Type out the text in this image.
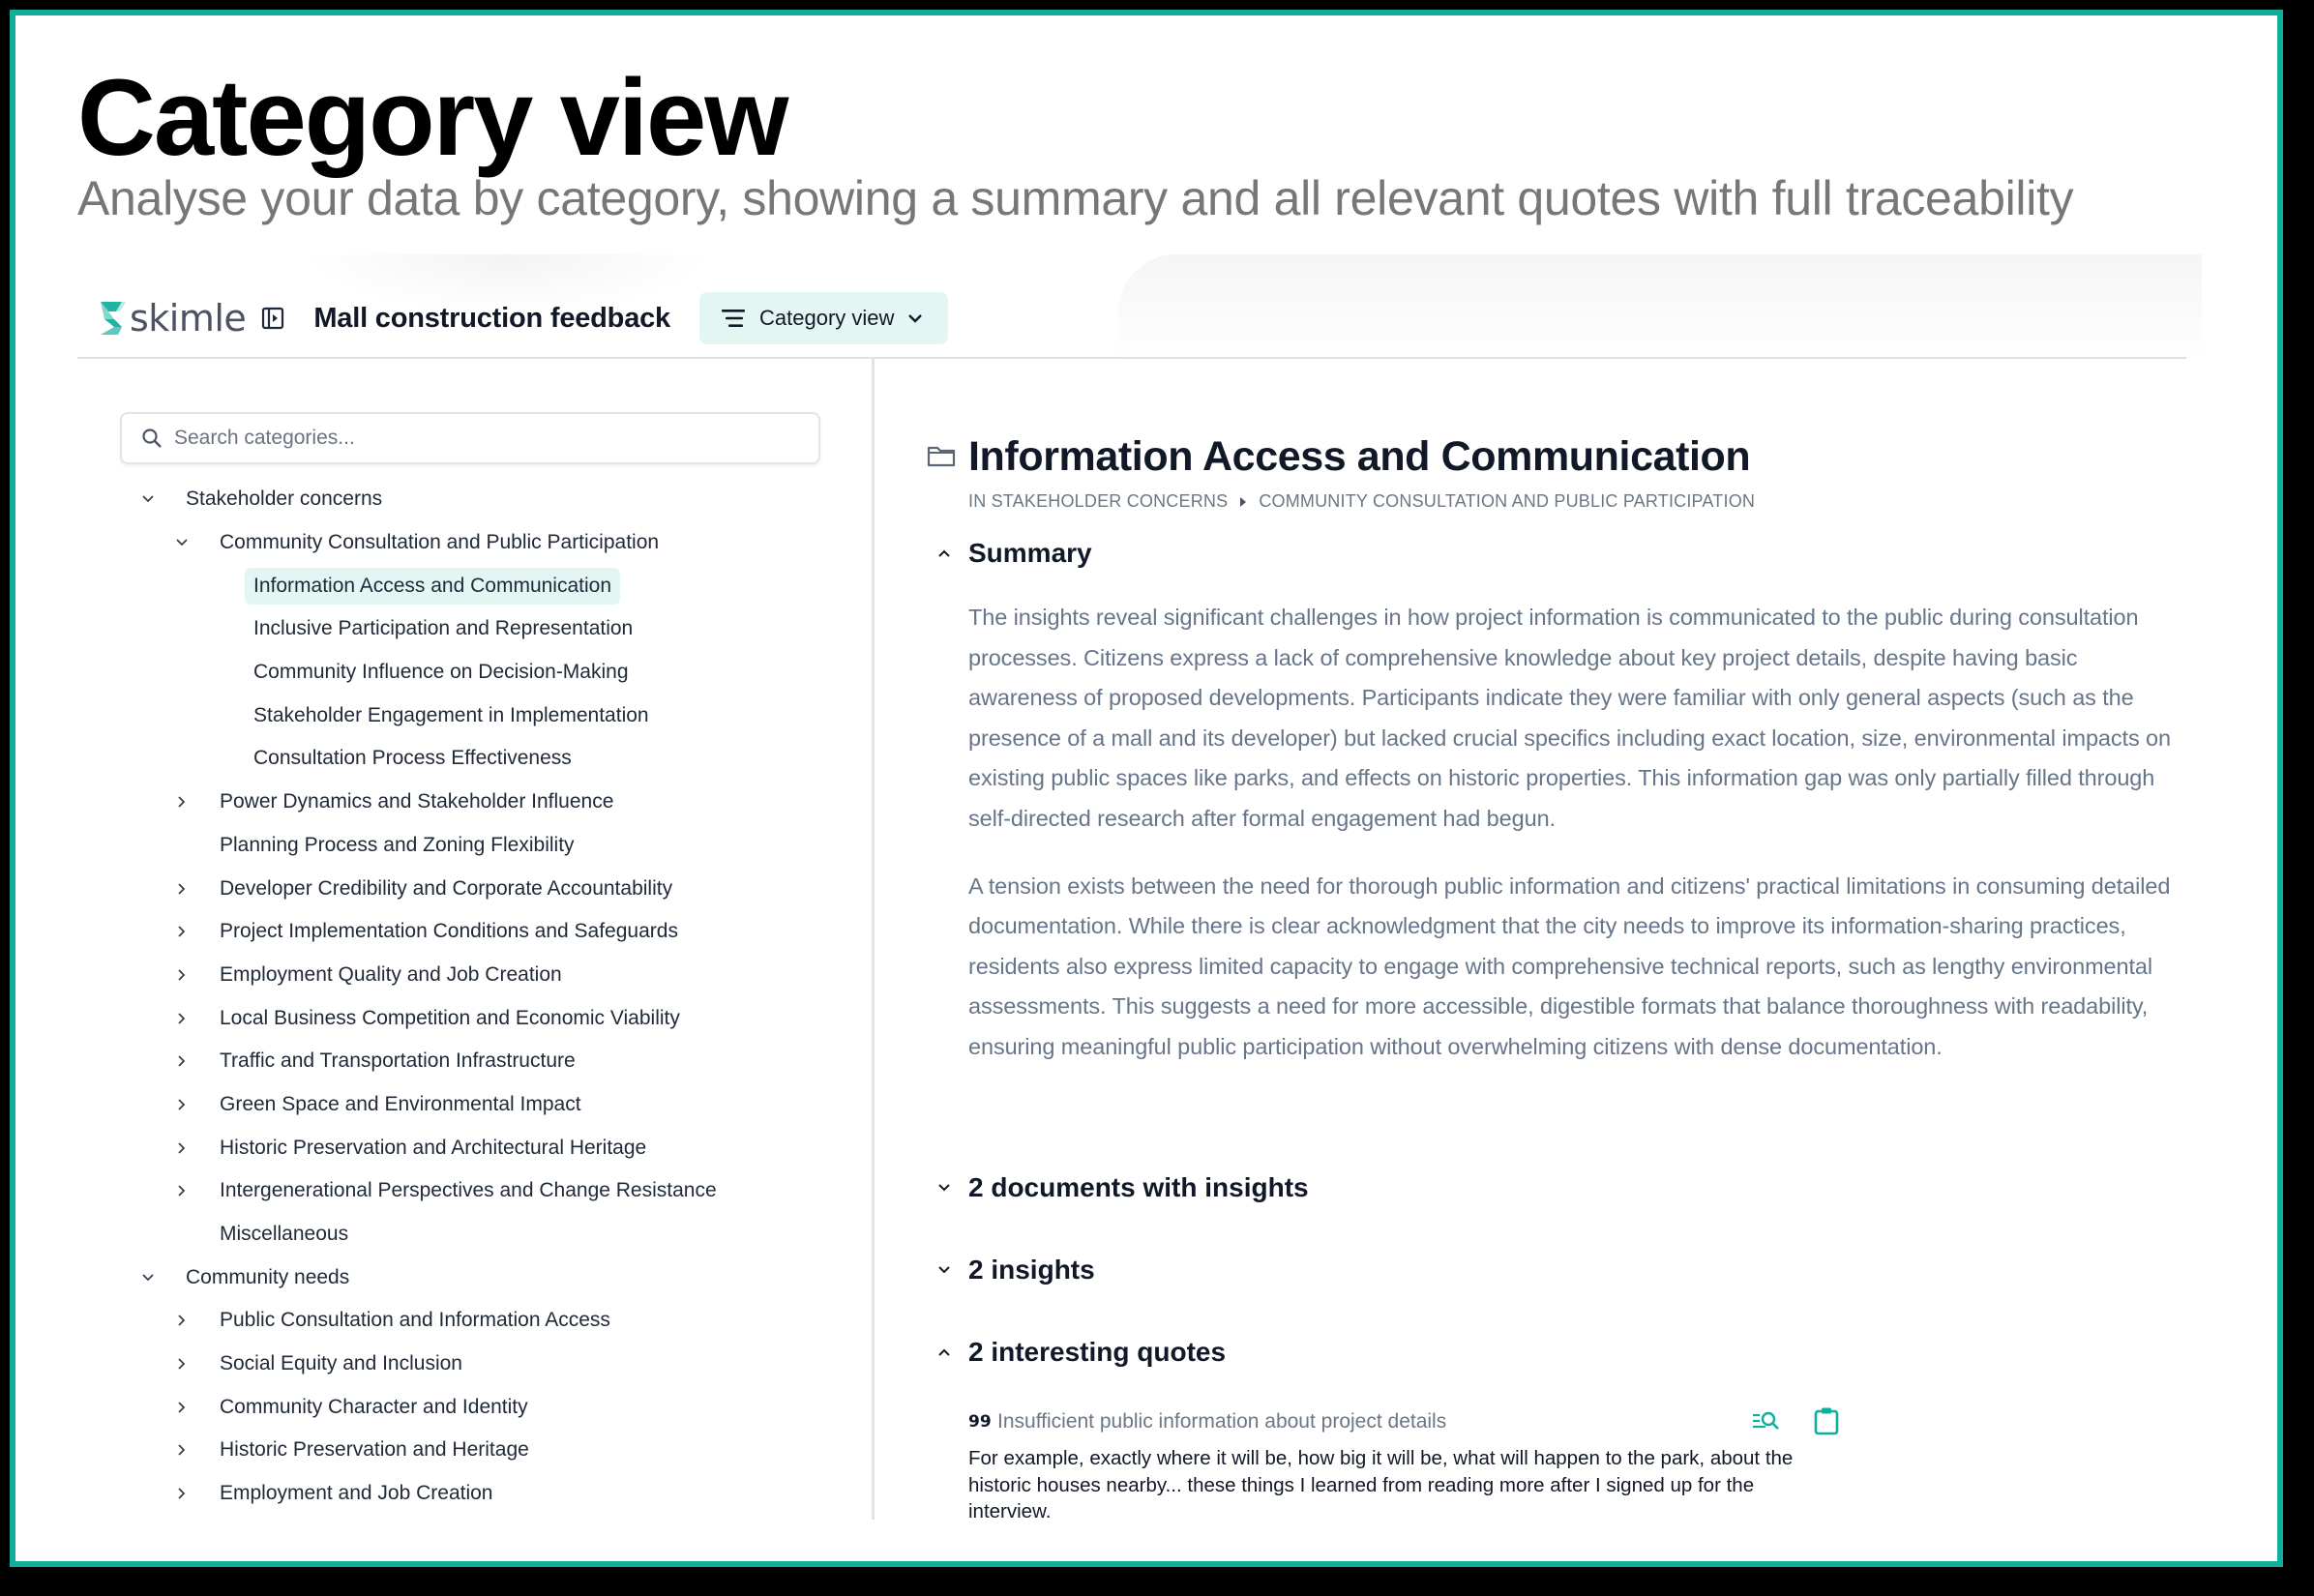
Category view
Analyse your data by category, showing a summary and all relevant quotes with full traceability
skimle Mall construction feedback	Category view
Search categories...
Stakeholder concerns
Community Consultation and Public Participation
Information Access and Communication
Inclusive Participation and Representation
Community Influence on Decision-Making
Stakeholder Engagement in Implementation
Consultation Process Effectiveness
Power Dynamics and Stakeholder Influence
Planning Process and Zoning Flexibility
Developer Credibility and Corporate Accountability
Project Implementation Conditions and Safeguards
Employment Quality and Job Creation
Local Business Competition and Economic Viability
Traffic and Transportation Infrastructure
Green Space and Environmental Impact
Historic Preservation and Architectural Heritage
Intergenerational Perspectives and Change Resistance
Miscellaneous
Community needs
Public Consultation and Information Access
Social Equity and Inclusion
Community Character and Identity
Historic Preservation and Heritage
Employment and Job Creation
Information Access and Communication
IN STAKEHOLDER CONCERNS COMMUNITY CONSULTATION AND PUBLIC PARTICIPATION
Summary

The insights reveal significant challenges in how project information is communicated to the public during consultation processes. Citizens express a lack of comprehensive knowledge about key project details, despite having basic awareness of proposed developments. Participants indicate they were familiar with only general aspects (such as the presence of a mall and its developer) but lacked crucial specifics including exact location, size, environmental impacts on existing public spaces like parks, and effects on historic properties. This information gap was only partially filled through self-directed research after formal engagement had begun.

A tension exists between the need for thorough public information and citizens' practical limitations in consuming detailed documentation. While there is clear acknowledgment that the city needs to improve its information-sharing practices, residents also express limited capacity to engage with comprehensive technical reports, such as lengthy environmental assessments. This suggests a need for more accessible, digestible formats that balance thoroughness with readability, ensuring meaningful public participation without overwhelming citizens with dense documentation.

2 documents with insights
2 insights
2 interesting quotes
99 Insufficient public information about project details
For example, exactly where it will be, how big it will be, what will happen to the park, about the historic houses nearby... these things I learned from reading more after I signed up for the interview.
